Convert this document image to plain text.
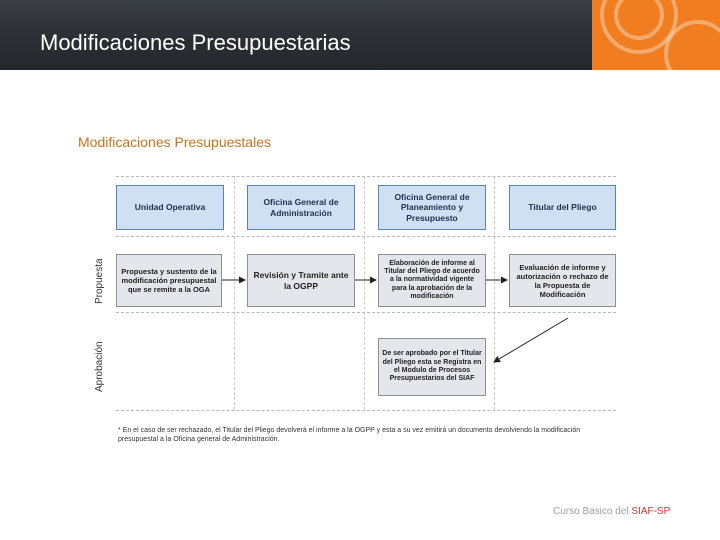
Modificaciones Presupuestarias
Modificaciones Presupuestales
Propuesta
Aprobación
Unidad Operativa
Oficina General de Administración
Oficina General de Planeamiento y Presupuesto
Titular del Pliego
Propuesta y sustento de la modificación presupuestal que se remite a la OGA
Revisión y Tramite ante la OGPP
Elaboración de informe al Titular del Pliego de acuerdo a la normatividad vigente para la aprobación de la modificación
Evaluación de informe y autorización o rechazo de la Propuesta de Modificación
De ser aprobado por el Titular del Pliego esta se Registra en el Modulo de Procesos Presupuestarios del SIAF
* En el caso de ser rechazado, el Titular del Pliego devolverá el informe a la OGPP y esta a su vez emitirá un documento devolviendo la modificación presupuestal a la Oficina general de Administración.
Curso Basico del SIAF-SP
